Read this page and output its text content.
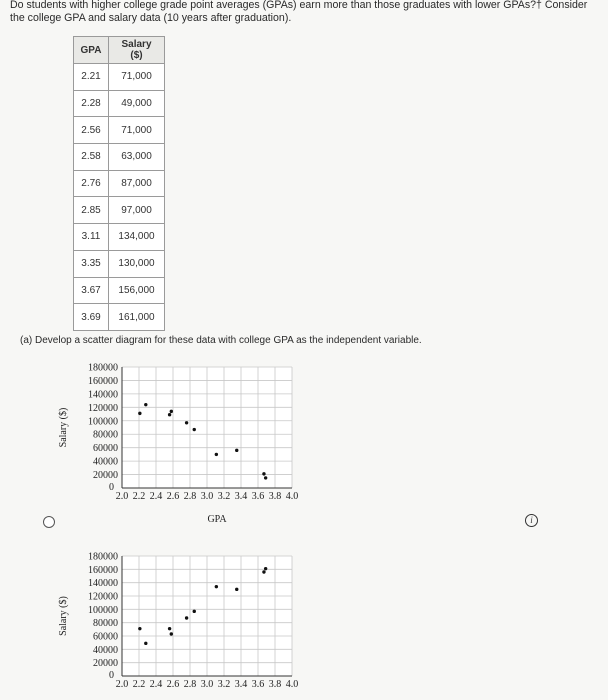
Do students with higher college grade point averages (GPAs) earn more than those graduates with lower GPAs?† Consider the college GPA and salary data (10 years after graduation).
GPA	Salary ($)
2.21	71,000
2.28	49,000
2.56	71,000
2.58	63,000
2.76	87,000
2.85	97,000
3.11	134,000
3.35	130,000
3.67	156,000
3.69	161,000
(a) Develop a scatter diagram for these data with college GPA as the independent variable.
0
20000
40000
60000
80000
100000
120000
140000
160000
180000
2.0 2.2 2.4 2.6 2.8 3.0 3.2 3.4 3.6 3.8 4.0
Salary ($)
GPA
0
20000
40000
60000
80000
100000
120000
140000
160000
180000
2.0 2.2 2.4 2.6 2.8 3.0 3.2 3.4 3.6 3.8 4.0
Salary ($)
i
